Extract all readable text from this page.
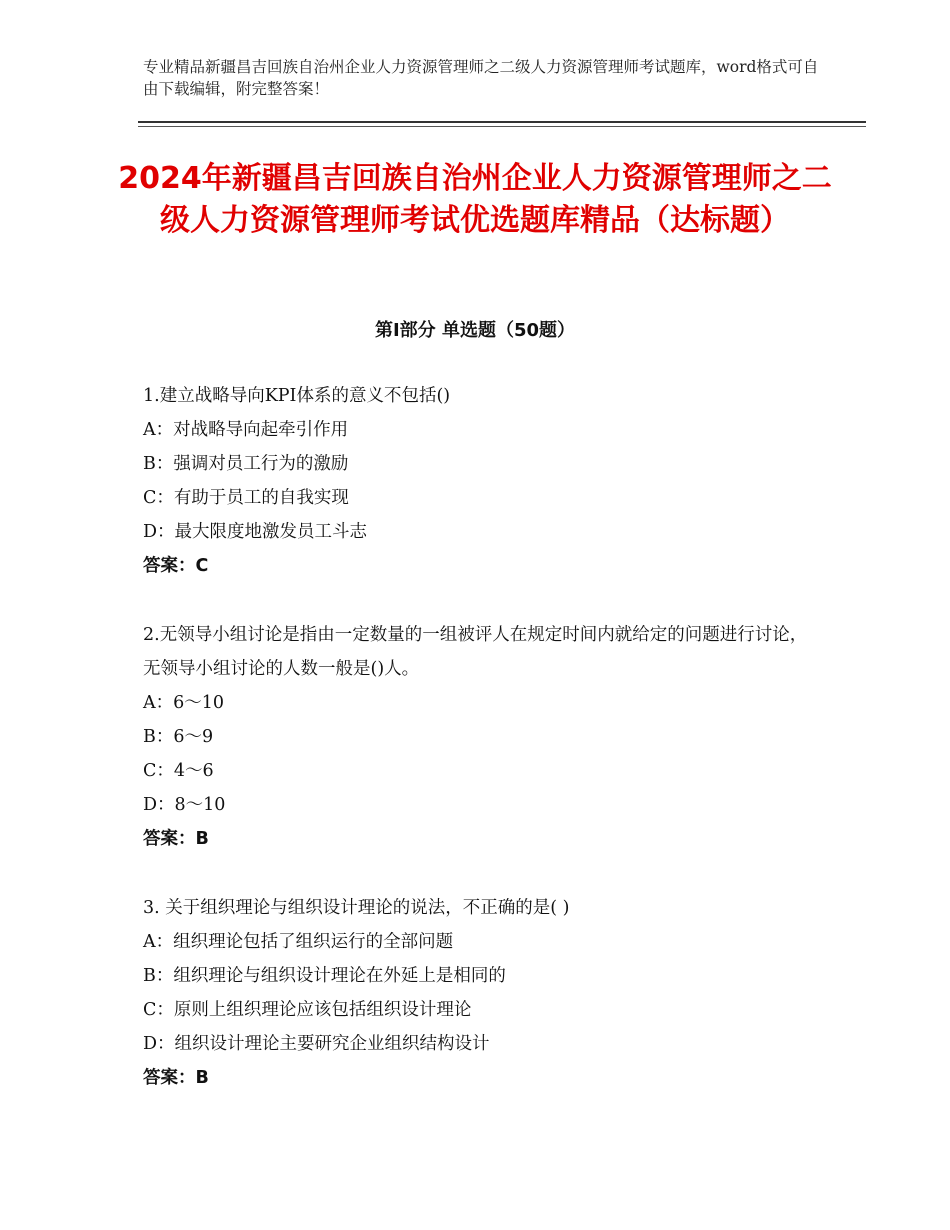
专业精品新疆昌吉回族自治州企业人力资源管理师之二级人力资源管理师考试题库，word格式可自由下载编辑，附完整答案！
2024年新疆昌吉回族自治州企业人力资源管理师之二级人力资源管理师考试优选题库精品（达标题）
第Ⅰ部分 单选题（50题）
1.建立战略导向KPI体系的意义不包括()
A：对战略导向起牵引作用
B：强调对员工行为的激励
C：有助于员工的自我实现
D：最大限度地激发员工斗志
答案：C
2.无领导小组讨论是指由一定数量的一组被评人在规定时间内就给定的问题进行讨论，无领导小组讨论的人数一般是()人。
A：6～10
B：6～9
C：4～6
D：8～10
答案：B
3. 关于组织理论与组织设计理论的说法，不正确的是( )
A：组织理论包括了组织运行的全部问题
B：组织理论与组织设计理论在外延上是相同的
C：原则上组织理论应该包括组织设计理论
D：组织设计理论主要研究企业组织结构设计
答案：B
